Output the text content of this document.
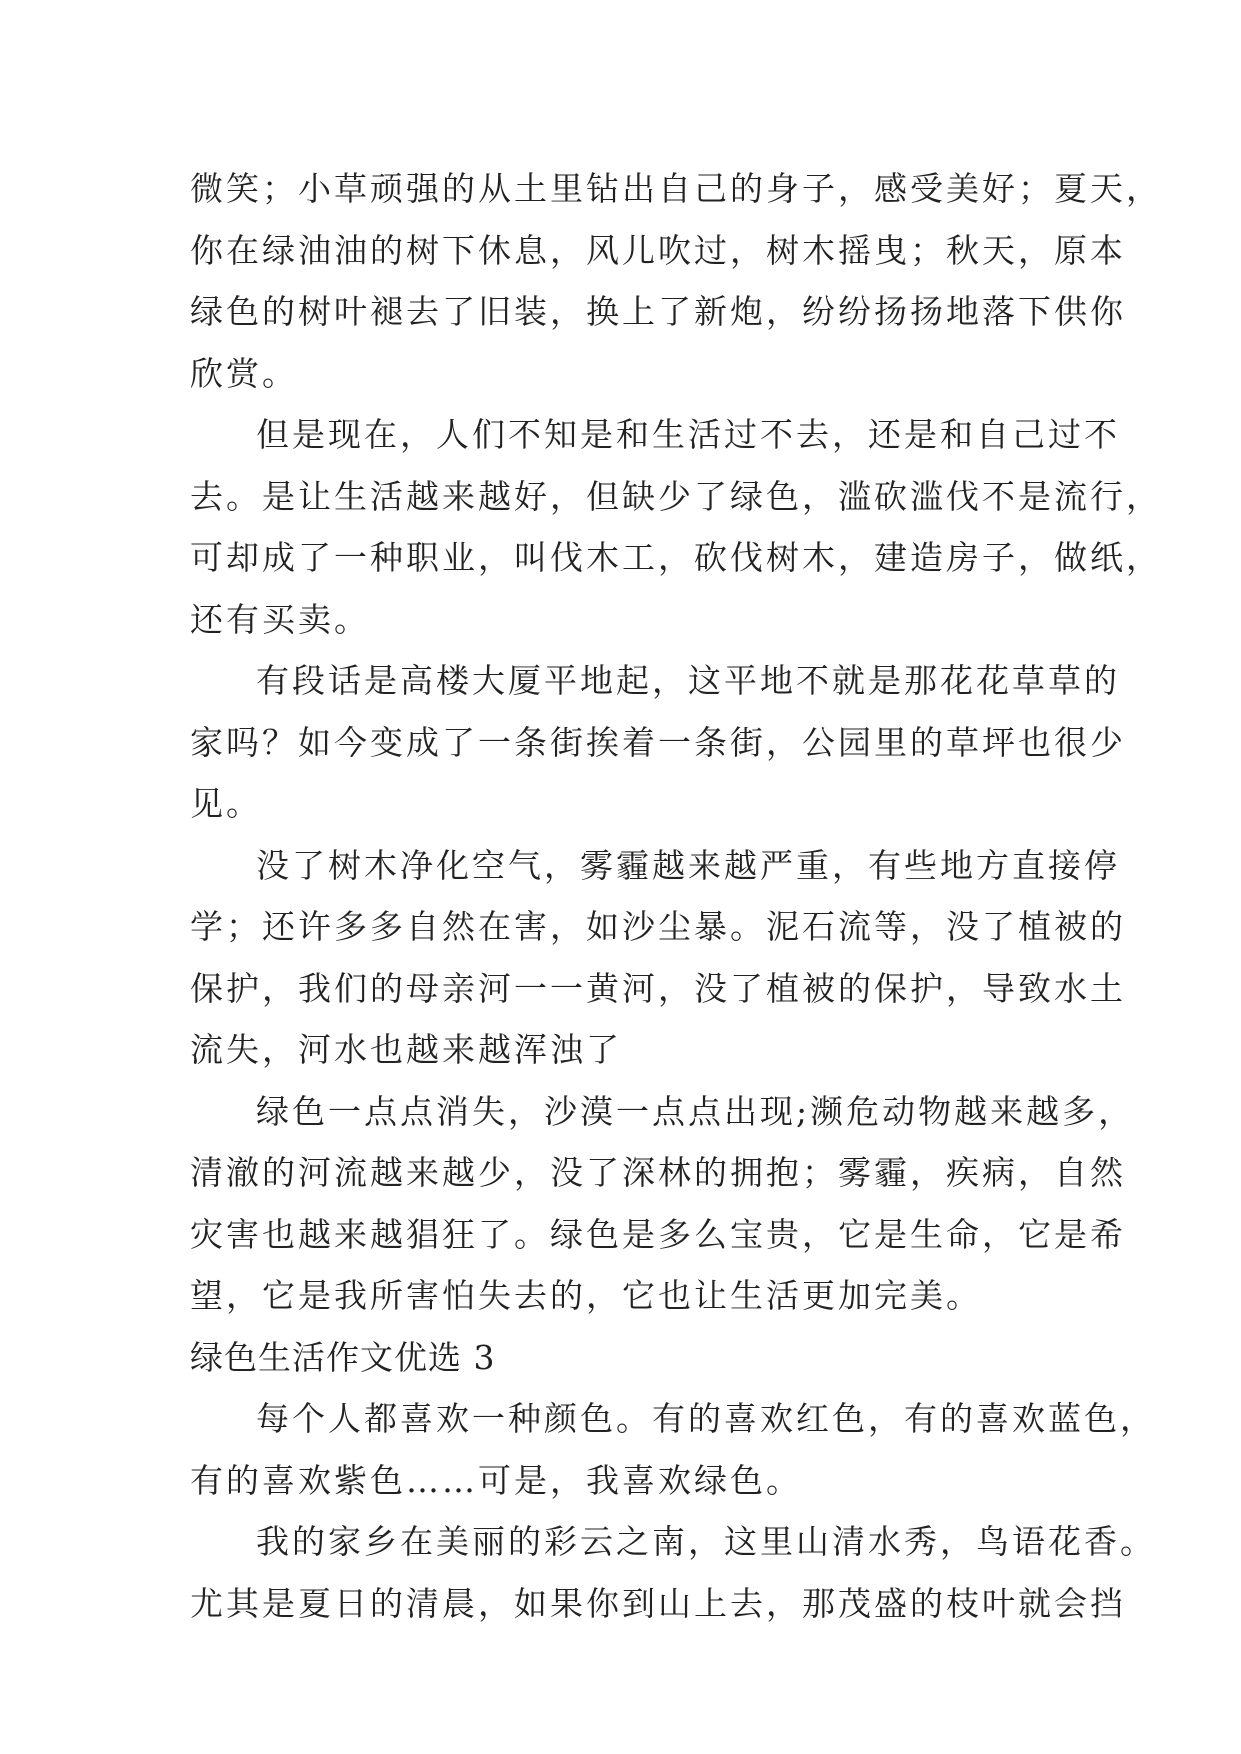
微笑；小草顽强的从土里钻出自己的身子，感受美好；夏天，
你在绿油油的树下休息，风儿吹过，树木摇曳；秋天，原本
绿色的树叶褪去了旧装，换上了新炮，纷纷扬扬地落下供你
欣赏。
但是现在，人们不知是和生活过不去，还是和自己过不
去。是让生活越来越好，但缺少了绿色，滥砍滥伐不是流行，
可却成了一种职业，叫伐木工，砍伐树木，建造房子，做纸，
还有买卖。
有段话是高楼大厦平地起，这平地不就是那花花草草的
家吗？如今变成了一条街挨着一条街，公园里的草坪也很少
见。
没了树木净化空气，雾霾越来越严重，有些地方直接停
学；还许多多自然在害，如沙尘暴。泥石流等，没了植被的
保护，我们的母亲河一一黄河，没了植被的保护，导致水土
流失，河水也越来越浑浊了
绿色一点点消失，沙漠一点点出现;濒危动物越来越多，
清澈的河流越来越少，没了深林的拥抱；雾霾，疾病，自然
灾害也越来越猖狂了。绿色是多么宝贵，它是生命，它是希
望，它是我所害怕失去的，它也让生活更加完美。
绿色生活作文优选 3
每个人都喜欢一种颜色。有的喜欢红色，有的喜欢蓝色，
有的喜欢紫色……可是，我喜欢绿色。
我的家乡在美丽的彩云之南，这里山清水秀，鸟语花香。
尤其是夏日的清晨，如果你到山上去，那茂盛的枝叶就会挡
